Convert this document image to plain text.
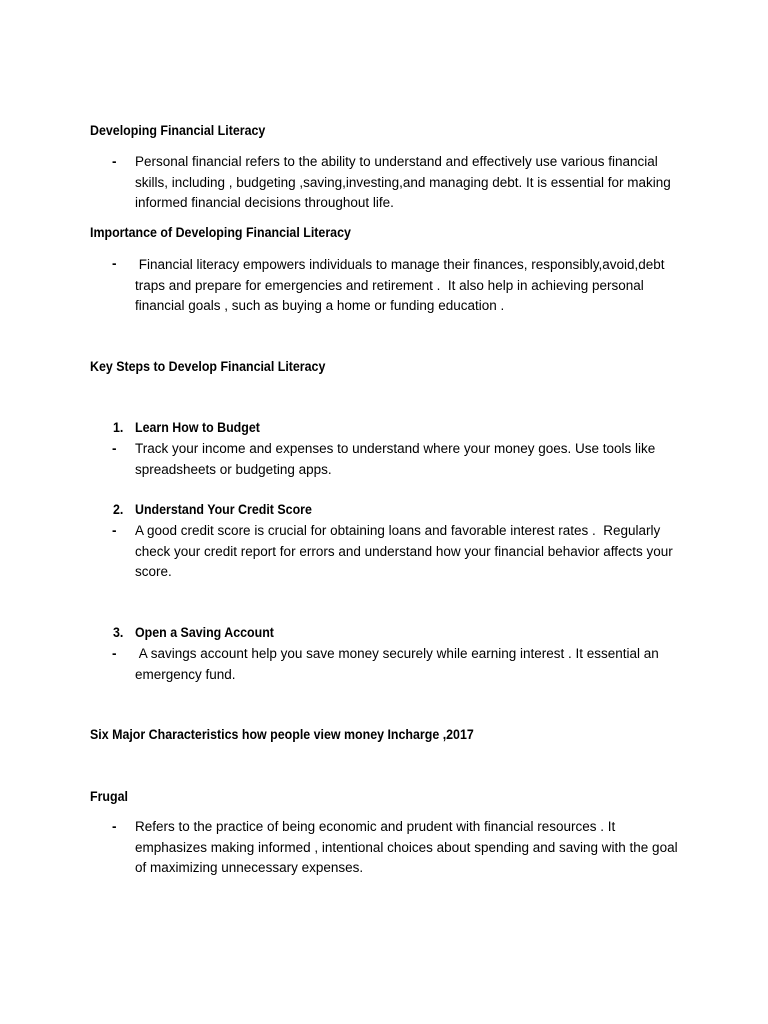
Developing Financial Literacy
-	Personal financial refers to the ability to understand and effectively use various financial skills, including , budgeting ,saving,investing,and managing debt. It is essential for making informed financial decisions throughout life.

Importance of Developing Financial Literacy
-	Financial literacy empowers individuals to manage their finances, responsibly,avoid,debt traps and prepare for emergencies and retirement .  It also help in achieving personal financial goals , such as buying a home or funding education .

Key Steps to Develop Financial Literacy
1. Learn How to Budget
-	Track your income and expenses to understand where your money goes. Use tools like spreadsheets or budgeting apps.

2. Understand Your Credit Score
-	A good credit score is crucial for obtaining loans and favorable interest rates .  Regularly check your credit report for errors and understand how your financial behavior affects your score.

3. Open a Saving Account
-	A savings account help you save money securely while earning interest . It essential an emergency fund.

Six Major Characteristics how people view money Incharge ,2017
Frugal
-	Refers to the practice of being economic and prudent with financial resources . It emphasizes making informed , intentional choices about spending and saving with the goal of maximizing unnecessary expenses.
